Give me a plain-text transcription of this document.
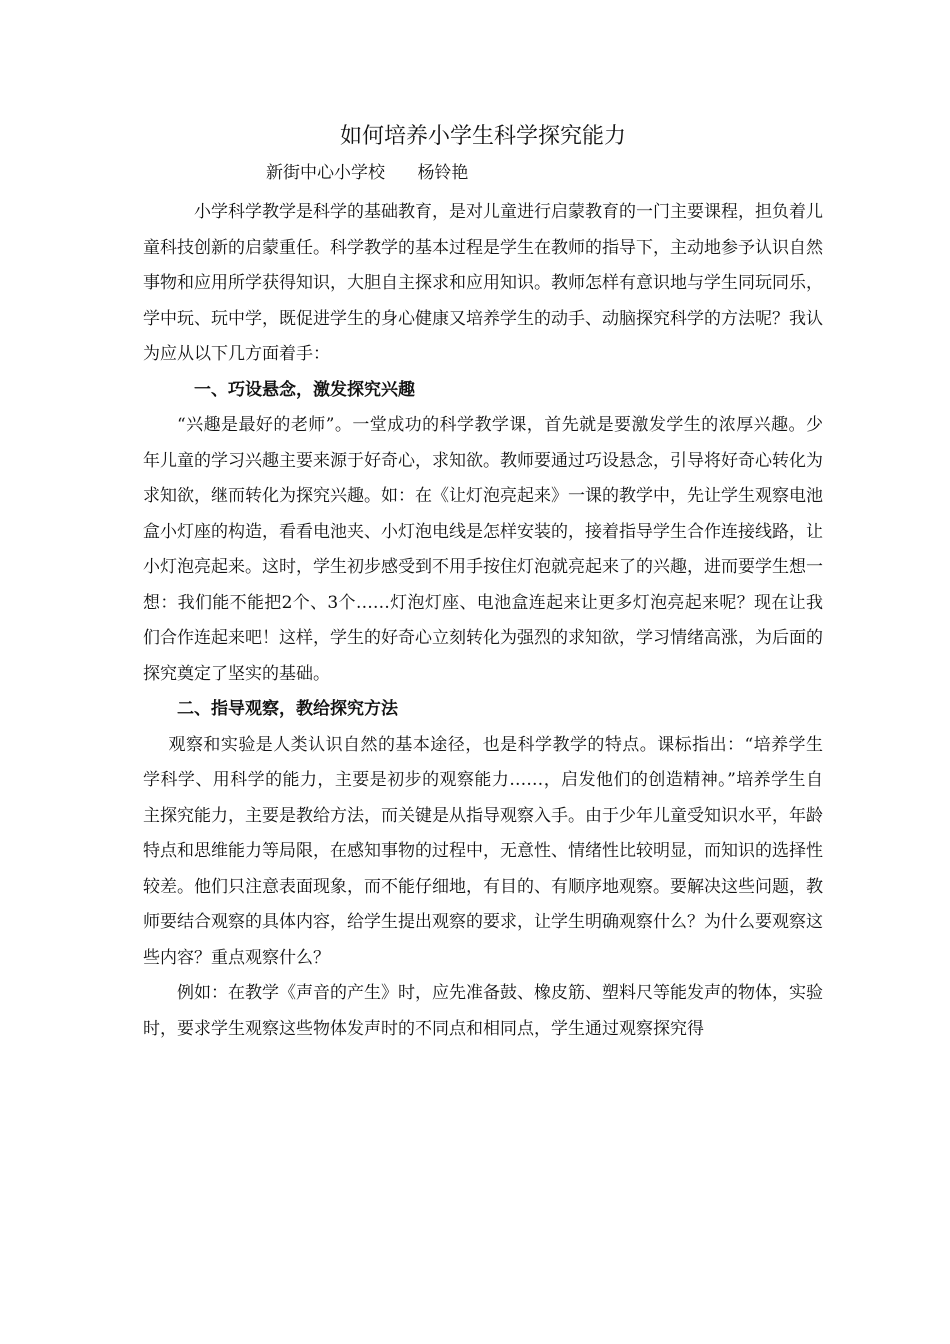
如何培养小学生科学探究能力
新街中心小学校 杨铃艳

小学科学教学是科学的基础教育，是对儿童进行启蒙教育的一门主要课程，担负着儿童科技创新的启蒙重任。科学教学的基本过程是学生在教师的指导下，主动地参予认识自然事物和应用所学获得知识，大胆自主探求和应用知识。教师怎样有意识地与学生同玩同乐，学中玩、玩中学，既促进学生的身心健康又培养学生的动手、动脑探究科学的方法呢？我认为应从以下几方面着手：

一、巧设悬念，激发探究兴趣

“兴趣是最好的老师”。一堂成功的科学教学课，首先就是要激发学生的浓厚兴趣。少年儿童的学习兴趣主要来源于好奇心，求知欲。教师要通过巧设悬念，引导将好奇心转化为求知欲，继而转化为探究兴趣。如：在《让灯泡亮起来》一课的教学中，先让学生观察电池盒小灯座的构造，看看电池夹、小灯泡电线是怎样安装的，接着指导学生合作连接线路，让小灯泡亮起来。这时，学生初步感受到不用手按住灯泡就亮起来了的兴趣，进而要学生想一想：我们能不能把2个、3个……灯泡灯座、电池盒连起来让更多灯泡亮起来呢？现在让我们合作连起来吧！这样，学生的好奇心立刻转化为强烈的求知欲，学习情绪高涨，为后面的探究奠定了坚实的基础。

二、指导观察，教给探究方法

观察和实验是人类认识自然的基本途径，也是科学教学的特点。课标指出：“培养学生学科学、用科学的能力，主要是初步的观察能力……，启发他们的创造精神。”培养学生自主探究能力，主要是教给方法，而关键是从指导观察入手。由于少年儿童受知识水平，年龄特点和思维能力等局限，在感知事物的过程中，无意性、情绪性比较明显，而知识的选择性较差。他们只注意表面现象，而不能仔细地，有目的、有顺序地观察。要解决这些问题，教师要结合观察的具体内容，给学生提出观察的要求，让学生明确观察什么？为什么要观察这些内容？重点观察什么？

例如：在教学《声音的产生》时，应先准备鼓、橡皮筋、塑料尺等能发声的物体，实验时，要求学生观察这些物体发声时的不同点和相同点，学生通过观察探究得
